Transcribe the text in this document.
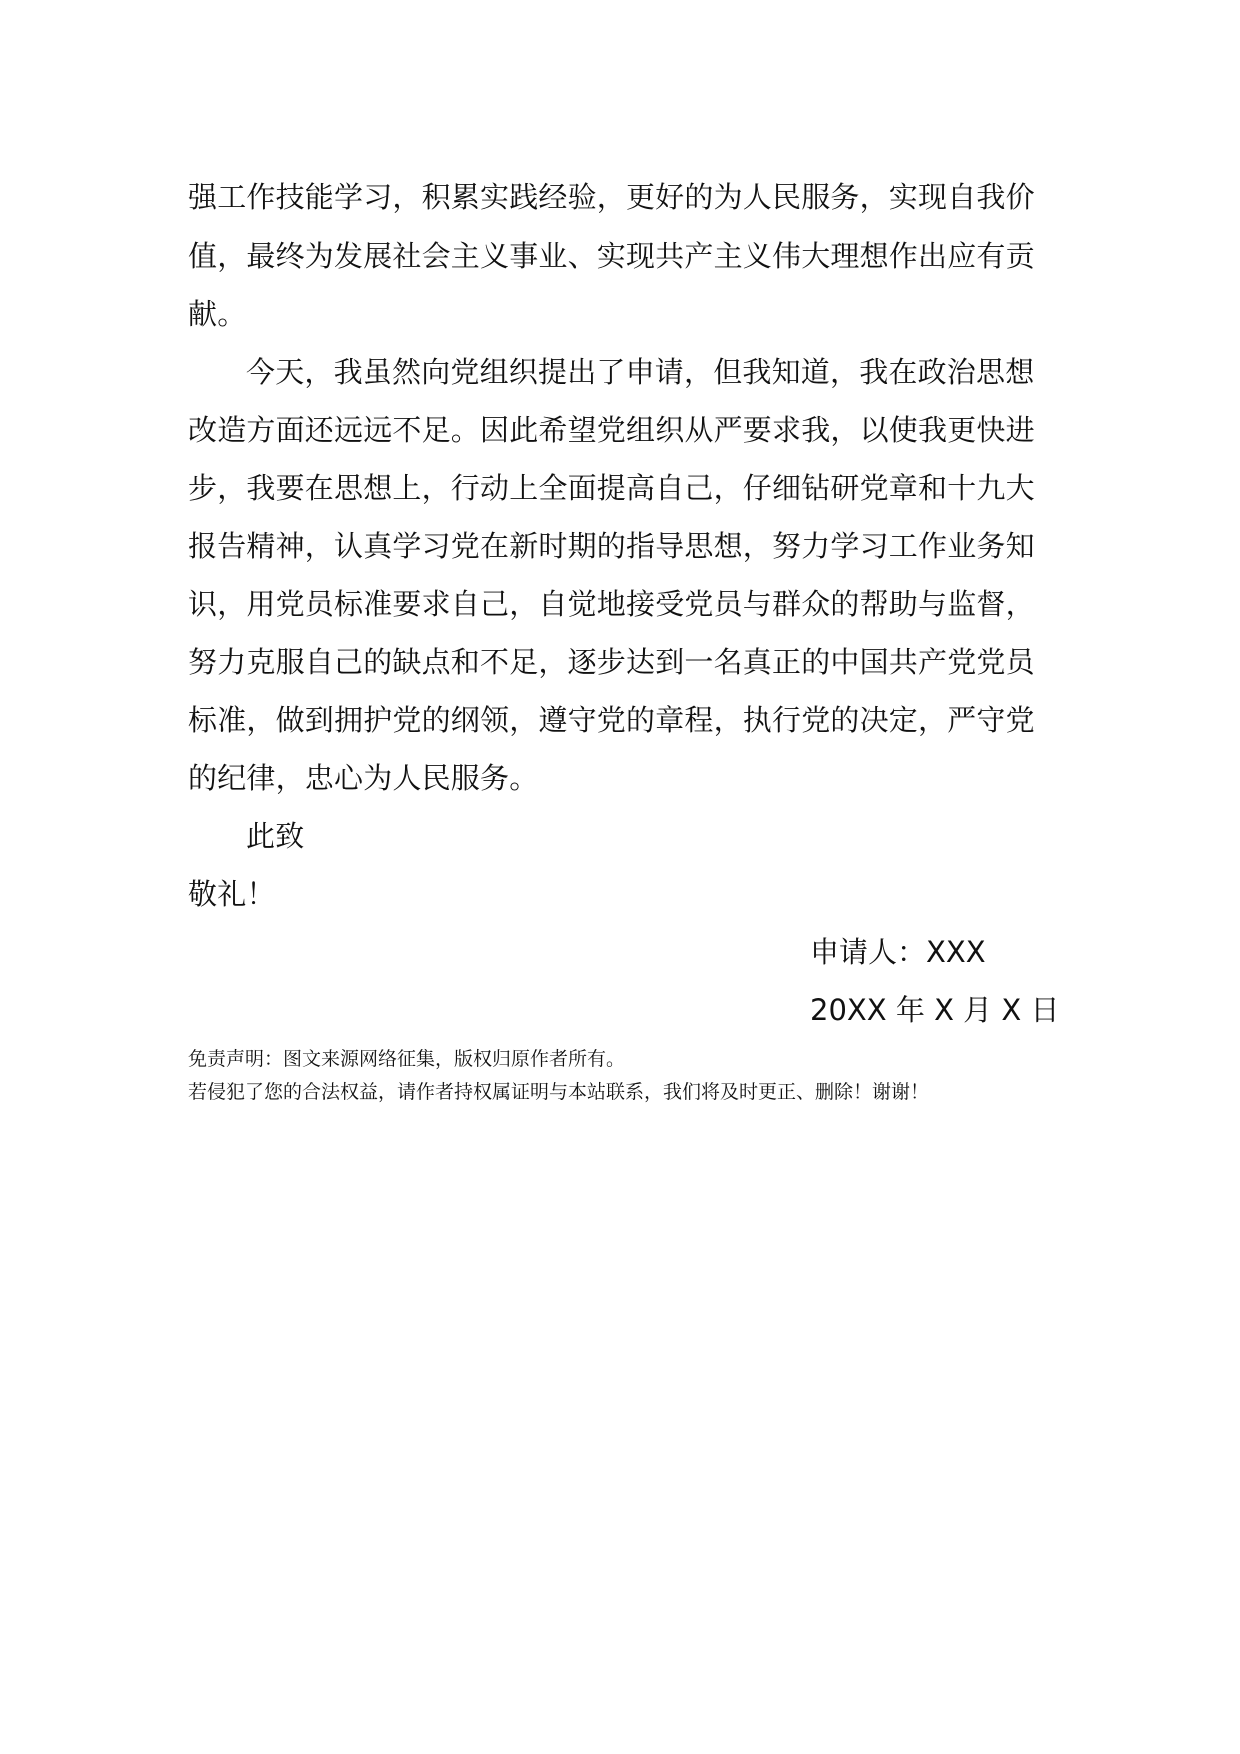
强工作技能学习，积累实践经验，更好的为人民服务，实现自我价
值，最终为发展社会主义事业、实现共产主义伟大理想作出应有贡
献。
今天，我虽然向党组织提出了申请，但我知道，我在政治思想
改造方面还远远不足。因此希望党组织从严要求我，以使我更快进
步，我要在思想上，行动上全面提高自己，仔细钻研党章和十九大
报告精神，认真学习党在新时期的指导思想，努力学习工作业务知
识，用党员标准要求自己，自觉地接受党员与群众的帮助与监督，
努力克服自己的缺点和不足，逐步达到一名真正的中国共产党党员
标准，做到拥护党的纲领，遵守党的章程，执行党的决定，严守党
的纪律，忠心为人民服务。
此致
敬礼！
申请人：XXX
20XX 年 X 月 X 日
免责声明：图文来源网络征集，版权归原作者所有。
若侵犯了您的合法权益，请作者持权属证明与本站联系，我们将及时更正、删除！谢谢！
